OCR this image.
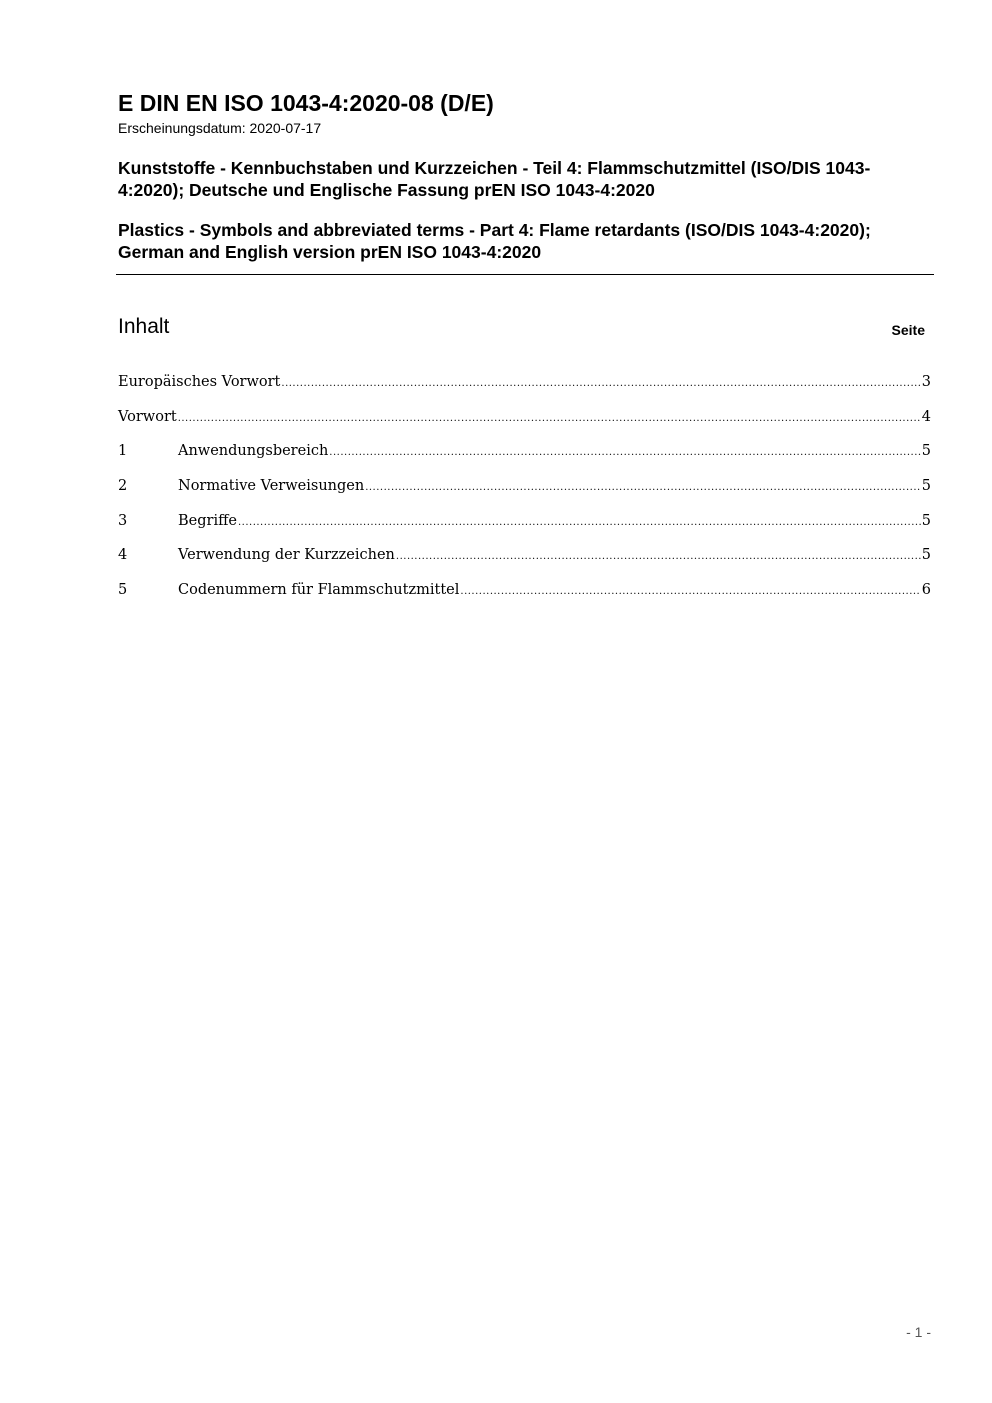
E DIN EN ISO 1043-4:2020-08 (D/E)

Erscheinungsdatum: 2020-07-17

Kunststoffe - Kennbuchstaben und Kurzzeichen - Teil 4: Flammschutzmittel (ISO/DIS 1043-4:2020); Deutsche und Englische Fassung prEN ISO 1043-4:2020

Plastics - Symbols and abbreviated terms - Part 4: Flame retardants (ISO/DIS 1043-4:2020); German and English version prEN ISO 1043-4:2020

Inhalt	Seite
Europäisches Vorwort .....	3
Vorwort .....	4
1	Anwendungsbereich .....	5
2	Normative Verweisungen .....	5
3	Begriffe .....	5
4	Verwendung der Kurzzeichen .....	5
5	Codenummern für Flammschutzmittel .....	6
- 1 -
